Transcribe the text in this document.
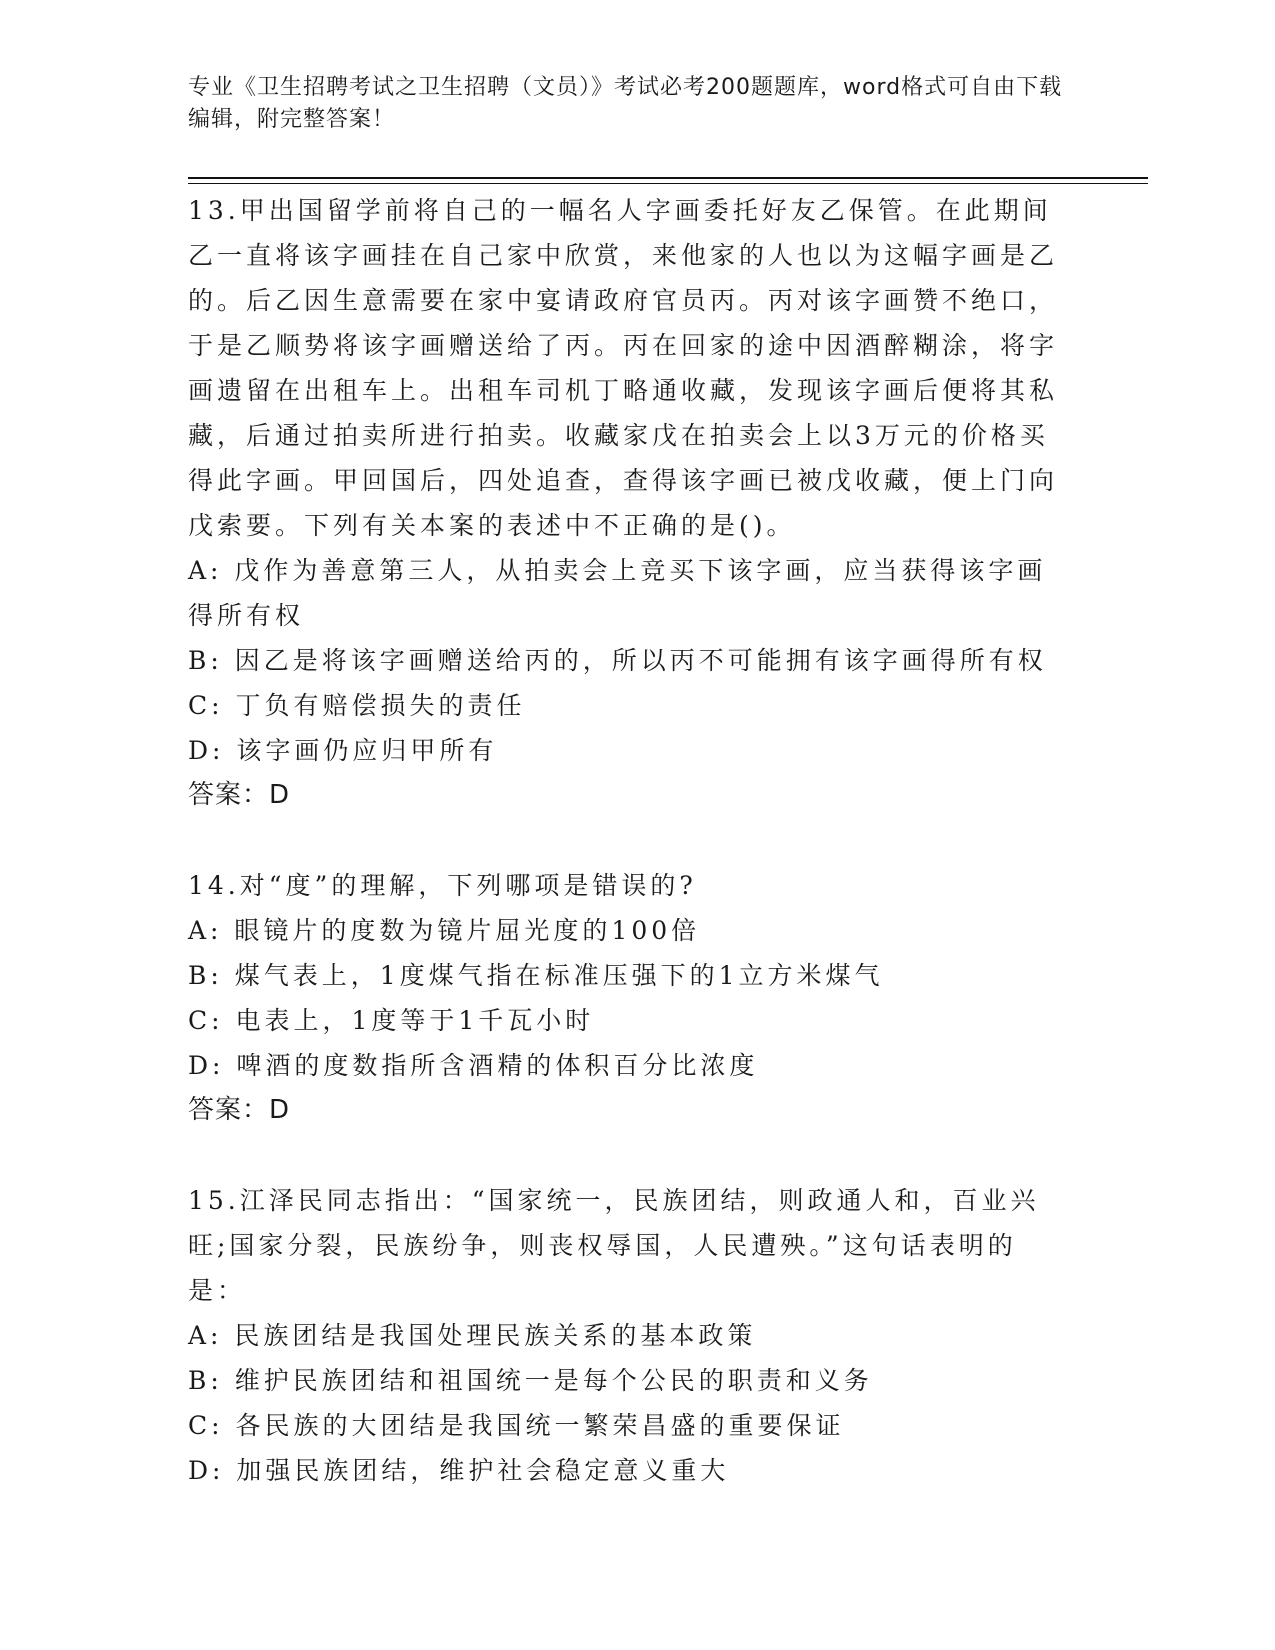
专业《卫生招聘考试之卫生招聘（文员）》考试必考200题题库，word格式可自由下载编辑，附完整答案！

13.甲出国留学前将自己的一幅名人字画委托好友乙保管。在此期间乙一直将该字画挂在自己家中欣赏，来他家的人也以为这幅字画是乙的。后乙因生意需要在家中宴请政府官员丙。丙对该字画赞不绝口，于是乙顺势将该字画赠送给了丙。丙在回家的途中因酒醉糊涂，将字画遗留在出租车上。出租车司机丁略通收藏，发现该字画后便将其私藏，后通过拍卖所进行拍卖。收藏家戊在拍卖会上以3万元的价格买得此字画。甲回国后，四处追查，查得该字画已被戊收藏，便上门向戊索要。下列有关本案的表述中不正确的是()。

A: 戊作为善意第三人，从拍卖会上竞买下该字画，应当获得该字画得所有权

B: 因乙是将该字画赠送给丙的，所以丙不可能拥有该字画得所有权

C: 丁负有赔偿损失的责任

D: 该字画仍应归甲所有

答案：D

14.对“度”的理解，下列哪项是错误的?

A: 眼镜片的度数为镜片屈光度的100倍

B: 煤气表上，1度煤气指在标准压强下的1立方米煤气

C: 电表上，1度等于1千瓦小时

D: 啤酒的度数指所含酒精的体积百分比浓度

答案：D

15.江泽民同志指出：“国家统一，民族团结，则政通人和，百业兴旺;国家分裂，民族纷争，则丧权辱国，人民遭殃。”这句话表明的是：

A: 民族团结是我国处理民族关系的基本政策

B: 维护民族团结和祖国统一是每个公民的职责和义务

C: 各民族的大团结是我国统一繁荣昌盛的重要保证

D: 加强民族团结，维护社会稳定意义重大
